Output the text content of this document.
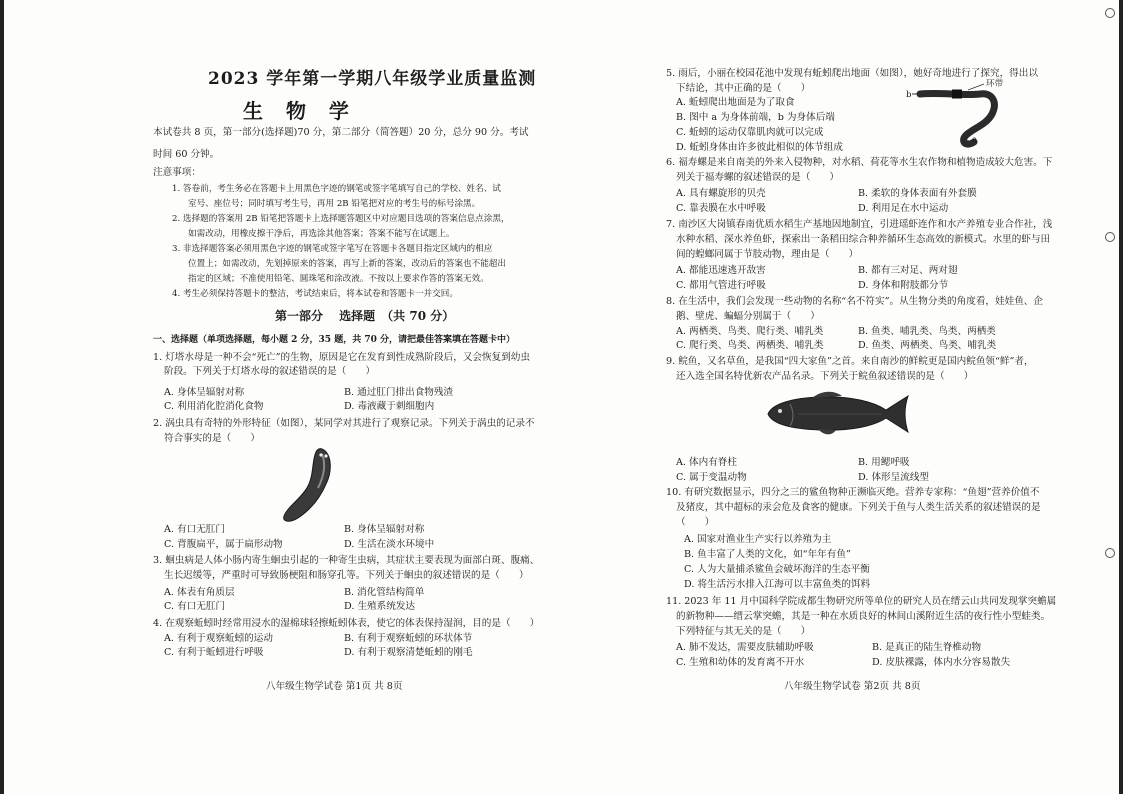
2023 学年第一学期八年级学业质量监测
生 物 学
本试卷共 8 页，第一部分(选择题)70 分，第二部分（简答题）20 分，总分 90 分。考试
时间 60 分钟。
注意事项：
1. 答卷前，考生务必在答题卡上用黑色字迹的钢笔或签字笔填写自己的学校、姓名、试
室号、座位号；同时填写考生号，再用 2B 铅笔把对应的考生号的标号涂黑。
2. 选择题的答案用 2B 铅笔把答题卡上选择题答题区中对应题目选项的答案信息点涂黑，
如需改动，用橡皮擦干净后，再选涂其他答案；答案不能写在试题上。
3. 非选择题答案必须用黑色字迹的钢笔或签字笔写在答题卡各题目指定区域内的相应
位置上；如需改动，先划掉原来的答案，再写上新的答案，改动后的答案也不能超出
指定的区域；不准使用铅笔、圆珠笔和涂改液。不按以上要求作答的答案无效。
4. 考生必须保持答题卡的整洁，考试结束后，将本试卷和答题卡一并交回。
第一部分　 选择题　（共 70 分）
一、选择题（单项选择题，每小题 2 分，35 题，共 70 分，请把最佳答案填在答题卡中）
1. 灯塔水母是一种不会“死亡”的生物，原因是它在发育到性成熟阶段后，又会恢复到幼虫
阶段。下列关于灯塔水母的叙述错误的是（　　）
A. 身体呈辐射对称	B. 通过肛门排出食物残渣
C. 利用消化腔消化食物	D. 毒液藏于刺细胞内
2. 涡虫具有奇特的外形特征（如图），某同学对其进行了观察记录。下列关于涡虫的记录不
符合事实的是（　　）
A. 有口无肛门	B. 身体呈辐射对称
C. 背腹扁平，属于扁形动物	D. 生活在淡水环境中
3. 蛔虫病是人体小肠内寄生蛔虫引起的一种寄生虫病，其症状主要表现为面部白斑、腹痛、
生长迟缓等，严重时可导致肠梗阻和肠穿孔等。下列关于蛔虫的叙述错误的是（　　）
A. 体表有角质层	B. 消化管结构简单
C. 有口无肛门	D. 生殖系统发达
4. 在观察蚯蚓时经常用浸水的湿棉球轻擦蚯蚓体表，使它的体表保持湿润，目的是（　　）
A. 有利于观察蚯蚓的运动	B. 有利于观察蚯蚓的环状体节
C. 有利于蚯蚓进行呼吸	D. 有利于观察清楚蚯蚓的刚毛
八年级生物学试卷 第1页 共 8页
5. 雨后，小丽在校园花池中发现有蚯蚓爬出地面（如图），她好奇地进行了探究，得出以
下结论，其中正确的是（　　）
b
环带
a
A. 蚯蚓爬出地面是为了取食
B. 图中 a 为身体前端，b 为身体后端
C. 蚯蚓的运动仅靠肌肉就可以完成
D. 蚯蚓身体由许多彼此相似的体节组成
6. 福寿螺是来自南美的外来入侵物种，对水稻、荷花等水生农作物和植物造成较大危害。下
列关于福寿螺的叙述错误的是（　　）
A. 具有螺旋形的贝壳	B. 柔软的身体表面有外套膜
C. 靠表膜在水中呼吸	D. 利用足在水中运动
7. 南沙区大岗镇春南优质水稻生产基地因地制宜，引进瑶虾连作和水产养殖专业合作社，浅
水种水稻、深水养鱼虾，探索出一条稻田综合种养循环生态高效的新模式。水里的虾与田
间的蝗螂同属于节肢动物，理由是（　　）
A. 都能迅速逃开敌害	B. 都有三对足、两对翅
C. 都用气管进行呼吸	D. 身体和附肢都分节
8. 在生活中，我们会发现一些动物的名称“名不符实”。从生物分类的角度看，娃娃鱼、企
鹅、壁虎、蝙蝠分别属于（　　）
A. 两栖类、鸟类、爬行类、哺乳类	B. 鱼类、哺乳类、鸟类、两栖类
C. 爬行类、鸟类、两栖类、哺乳类	D. 鱼类、两栖类、鸟类、哺乳类
9. 鲩鱼，又名草鱼，是我国“四大家鱼”之首。来自南沙的鲜鲩更是国内鲩鱼领“鲜”者，
还入选全国名特优新农产品名录。下列关于鲩鱼叙述错误的是（　　）
A. 体内有脊柱	B. 用鳃呼吸
C. 属于变温动物	D. 体形呈流线型
10. 有研究数据显示，四分之三的鲨鱼物种正濒临灭绝。营养专家称：“鱼翅”营养价值不
及猪皮，其中超标的汞会危及食客的健康。下列关于鱼与人类生活关系的叙述错误的是
（　　）
A. 国家对渔业生产实行以养殖为主
B. 鱼丰富了人类的文化，如“年年有鱼”
C. 人为大量捕杀鲨鱼会破坏海洋的生态平衡
D. 将生活污水排入江海可以丰富鱼类的饵料
11. 2023 年 11 月中国科学院成都生物研究所等单位的研究人员在缙云山共同发现掌突蟾属
的新物种——缙云掌突蟾，其是一种在水质良好的林间山溪附近生活的夜行性小型蛙类。
下列特征与其无关的是（　　）
A. 肺不发达，需要皮肤辅助呼吸	B. 是真正的陆生脊椎动物
C. 生殖和幼体的发育离不开水	D. 皮肤裸露，体内水分容易散失
八年级生物学试卷 第2页 共 8页
